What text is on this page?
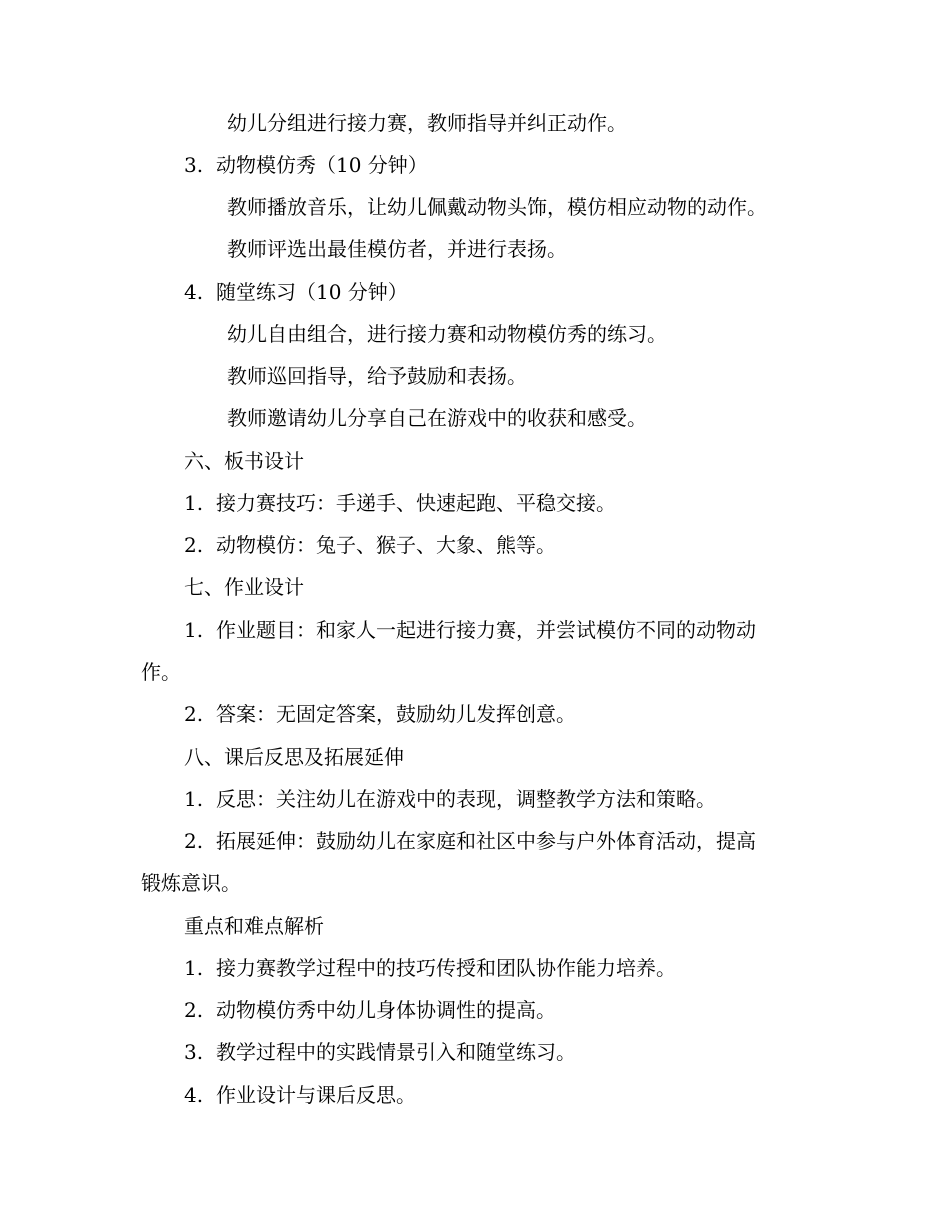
幼儿分组进行接力赛，教师指导并纠正动作。
3. 动物模仿秀（10 分钟）
教师播放音乐，让幼儿佩戴动物头饰，模仿相应动物的动作。
教师评选出最佳模仿者，并进行表扬。
4. 随堂练习（10 分钟）
幼儿自由组合，进行接力赛和动物模仿秀的练习。
教师巡回指导，给予鼓励和表扬。
教师邀请幼儿分享自己在游戏中的收获和感受。
六、板书设计
1. 接力赛技巧：手递手、快速起跑、平稳交接。
2. 动物模仿：兔子、猴子、大象、熊等。
七、作业设计
1. 作业题目：和家人一起进行接力赛，并尝试模仿不同的动物动
作。
2. 答案：无固定答案，鼓励幼儿发挥创意。
八、课后反思及拓展延伸
1. 反思：关注幼儿在游戏中的表现，调整教学方法和策略。
2. 拓展延伸：鼓励幼儿在家庭和社区中参与户外体育活动，提高
锻炼意识。
重点和难点解析
1. 接力赛教学过程中的技巧传授和团队协作能力培养。
2. 动物模仿秀中幼儿身体协调性的提高。
3. 教学过程中的实践情景引入和随堂练习。
4. 作业设计与课后反思。
